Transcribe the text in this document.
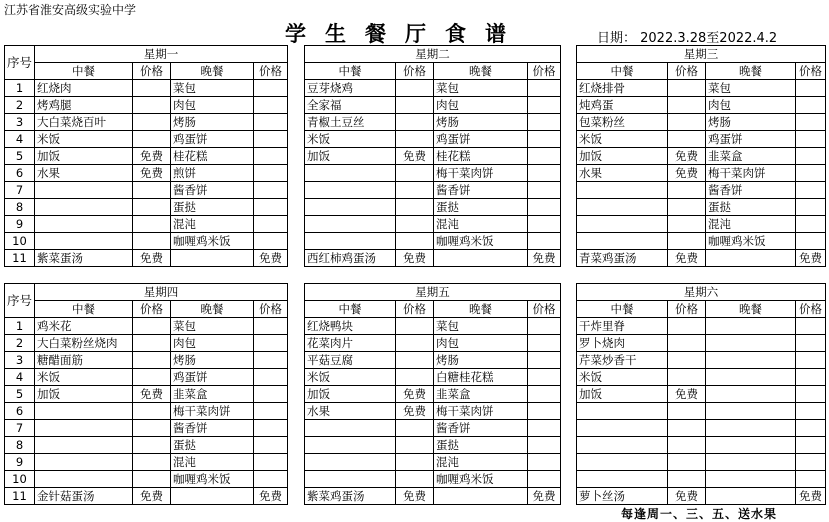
江苏省淮安高级实验中学
学生餐厅食谱	日期： 2022.3.28至2022.4.2
序号	星期一					星期二					星期三			
	中餐	价格	晚餐	价格		中餐	价格	晚餐	价格		中餐	价格	晚餐	价格
1	红烧肉		菜包			豆芽烧鸡		菜包			红烧排骨		菜包	
2	烤鸡腿		肉包			全家福		肉包			炖鸡蛋		肉包	
3	大白菜烧百叶		烤肠			青椒土豆丝		烤肠			包菜粉丝		烤肠	
4	米饭		鸡蛋饼			米饭		鸡蛋饼			米饭		鸡蛋饼	
5	加饭	免费	桂花糕			加饭	免费	桂花糕			加饭	免费	韭菜盒	
6	水果	免费	煎饼					梅干菜肉饼			水果	免费	梅干菜肉饼	
7			酱香饼					酱香饼					酱香饼	
8			蛋挞					蛋挞					蛋挞	
9			混沌					混沌					混沌	
10			咖喱鸡米饭					咖喱鸡米饭					咖喱鸡米饭	
11	紫菜蛋汤	免费		免费		西红柿鸡蛋汤	免费		免费		青菜鸡蛋汤	免费		免费
序号	星期四					星期五					星期六			
	中餐	价格	晚餐	价格		中餐	价格	晚餐	价格		中餐	价格	晚餐	价格
1	鸡米花		菜包			红烧鸭块		菜包			干炸里脊			
2	大白菜粉丝烧肉		肉包			花菜肉片		肉包			罗卜烧肉			
3	糖醋面筋		烤肠			平菇豆腐		烤肠			芹菜炒香干			
4	米饭		鸡蛋饼			米饭		白糖桂花糕			米饭			
5	加饭	免费	韭菜盒			加饭	免费	韭菜盒			加饭	免费		
6			梅干菜肉饼			水果	免费	梅干菜肉饼						
7			酱香饼					酱香饼						
8			蛋挞					蛋挞						
9			混沌					混沌						
10			咖喱鸡米饭					咖喱鸡米饭						
11	金针菇蛋汤	免费		免费		紫菜鸡蛋汤	免费		免费		萝卜丝汤	免费		免费
每逢周一、三、五、送水果
